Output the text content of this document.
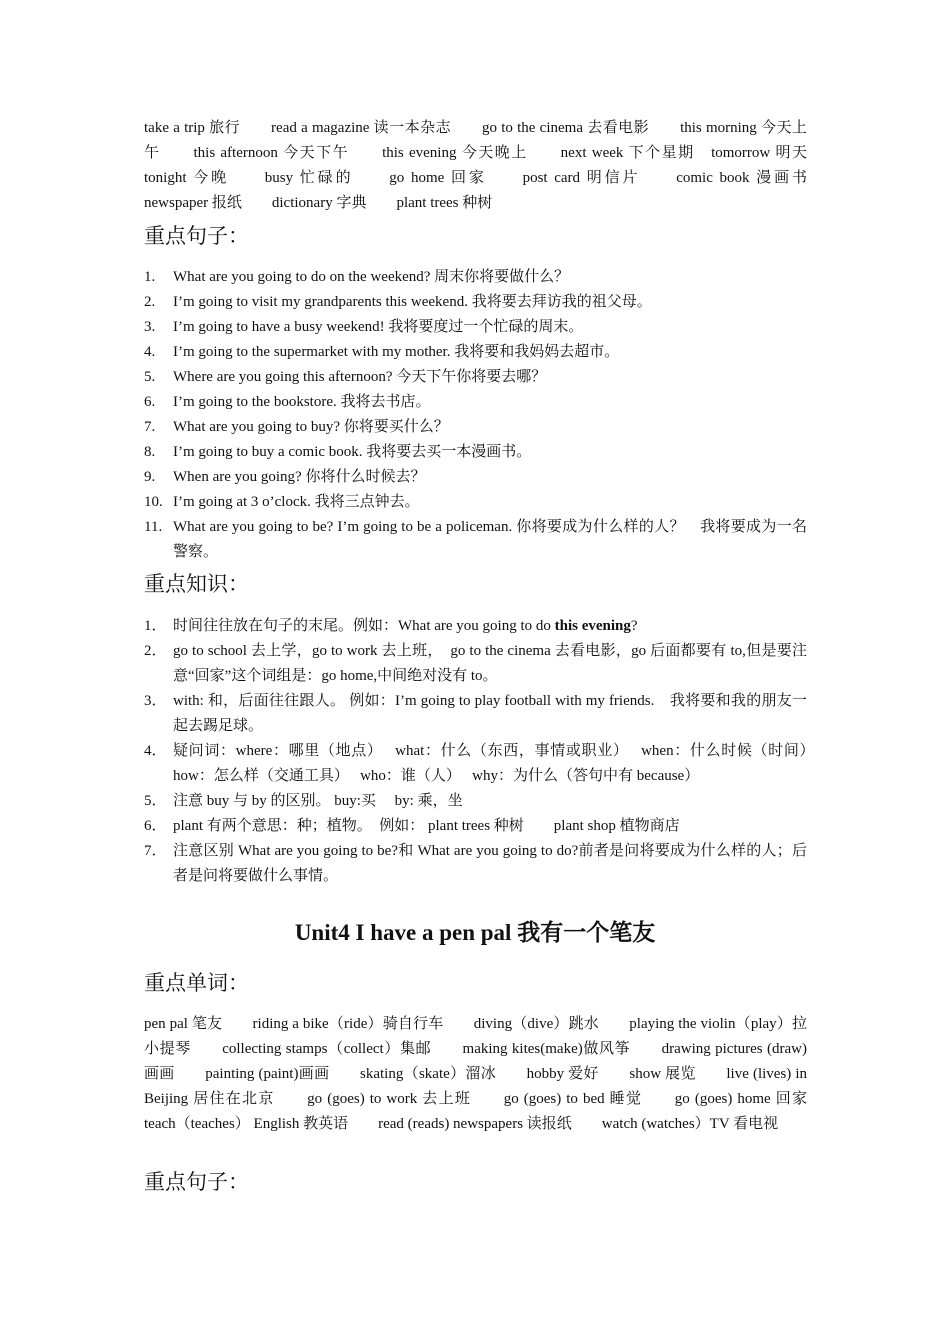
take a trip 旅行　　read a magazine 读一本杂志　　go to the cinema 去看电影　　this morning 今天上午　　this afternoon 今天下午　　this evening 今天晚上　　next week 下个星期　tomorrow 明天　　tonight 今晚　　busy 忙碌的　　go home 回家　　post card 明信片　　comic book 漫画书　　newspaper 报纸　　dictionary 字典　　plant trees 种树

重点句子：
1. What are you going to do on the weekend? 周末你将要做什么？
2. I’m going to visit my grandparents this weekend. 我将要去拜访我的祖父母。
3. I’m going to have a busy weekend! 我将要度过一个忙碌的周末。
4. I’m going to the supermarket with my mother. 我将要和我妈妈去超市。
5. Where are you going this afternoon? 今天下午你将要去哪？
6. I’m going to the bookstore. 我将去书店。
7. What are you going to buy? 你将要买什么？
8. I’m going to buy a comic book. 我将要去买一本漫画书。
9. When are you going? 你将什么时候去？
10. I’m going at 3 o’clock. 我将三点钟去。
11. What are you going to be? I’m going to be a policeman. 你将要成为什么样的人？　我将要成为一名警察。
重点知识：
1． 时间往往放在句子的末尾。例如：What are you going to do this evening?
2． go to school 去上学，go to work 去上班，　go to the cinema 去看电影，go 后面都要有 to,但是要注意“回家”这个词组是：go home,中间绝对没有 to。
3． with: 和，后面往往跟人。 例如：I’m going to play football with my friends.　我将要和我的朋友一起去踢足球。
4． 疑问词：where：哪里（地点）　 what：什么（东西，事情或职业）　 when：什么时候（时间）　 how：怎么样（交通工具）　 who：谁（人）　 why：为什么（答句中有 because）
5． 注意 buy 与 by 的区别。 buy:买　 by: 乘，坐
6． plant 有两个意思：种；植物。　例如： plant trees 种树　　plant shop 植物商店
7． 注意区别 What are you going to be?和 What are you going to do?前者是问将要成为什么样的人；后者是问将要做什么事情。
Unit4 I have a pen pal 我有一个笔友
重点单词：

pen pal 笔友　　riding a bike（ride）骑自行车　　diving（dive）跳水　　playing the violin（play）拉小提琴　　collecting stamps（collect）集邮　　making kites(make)做风筝　　drawing pictures (draw)画画　　painting (paint)画画　　skating（skate）溜冰　　hobby 爱好　　show 展览　　live (lives) in Beijing 居住在北京　　go (goes) to work 去上班　　go (goes) to bed 睡觉　　go (goes) home 回家　　teach（teaches） English 教英语　　read (reads) newspapers 读报纸　　watch (watches）TV 看电视

重点句子：
